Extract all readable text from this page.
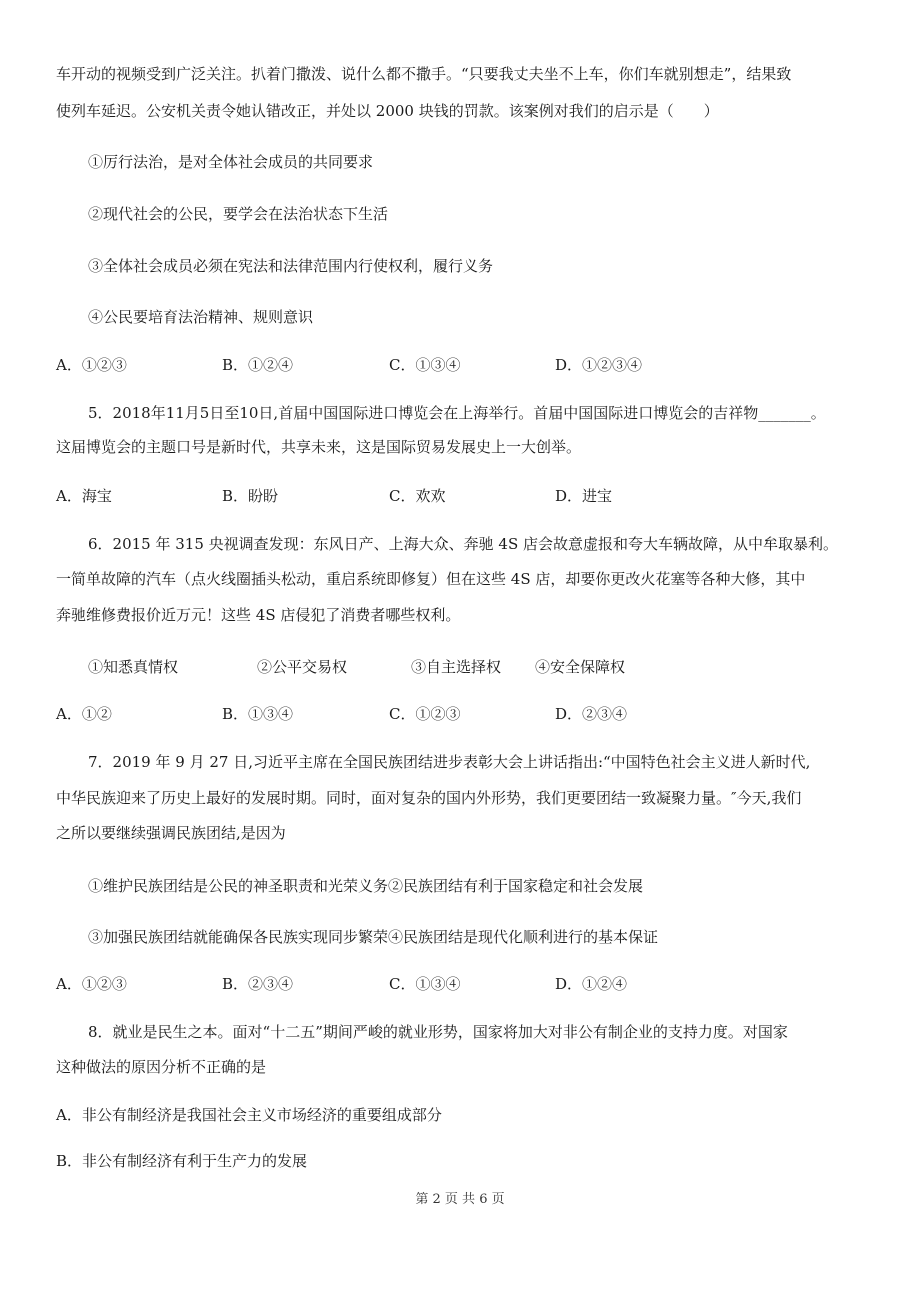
车开动的视频受到广泛关注。扒着门撒泼、说什么都不撒手。“只要我丈夫坐不上车，你们车就别想走”，结果致
使列车延迟。公安机关责令她认错改正，并处以 2000 块钱的罚款。该案例对我们的启示是（　　）
①厉行法治，是对全体社会成员的共同要求
②现代社会的公民，要学会在法治状态下生活
③全体社会成员必须在宪法和法律范围内行使权利，履行义务
④公民要培育法治精神、规则意识
A．①②③	B．①②④	C．①③④	D．①②③④
5．2018年11月5日至10日,首届中国国际进口博览会在上海举行。首届中国国际进口博览会的吉祥物_______。
这届博览会的主题口号是新时代，共享未来，这是国际贸易发展史上一大创举。
A．海宝	B．盼盼	C．欢欢	D．进宝
6．2015 年 315 央视调查发现：东风日产、上海大众、奔驰 4S 店会故意虚报和夸大车辆故障，从中牟取暴利。
一简单故障的汽车（点火线圈插头松动，重启系统即修复）但在这些 4S 店，却要你更改火花塞等各种大修，其中
奔驰维修费报价近万元！这些 4S 店侵犯了消费者哪些权利。
①知悉真情权	②公平交易权	③自主选择权 ④安全保障权
A．①②	B．①③④	C．①②③	D．②③④
7．2019 年 9 月 27 日,习近平主席在全国民族团结进步表彰大会上讲话指出:“中国特色社会主义进人新时代,
中华民族迎来了历史上最好的发展时期。同时，面对复杂的国内外形势，我们更要团结一致凝聚力量。″今天,我们
之所以要继续强调民族团结,是因为
①维护民族团结是公民的神圣职责和光荣义务②民族团结有利于国家稳定和社会发展
③加强民族团结就能确保各民族实现同步繁荣④民族团结是现代化顺利进行的基本保证
A．①②③	B．②③④	C．①③④	D．①②④
8．就业是民生之本。面对“十二五”期间严峻的就业形势，国家将加大对非公有制企业的支持力度。对国家
这种做法的原因分析不正确的是
A．非公有制经济是我国社会主义市场经济的重要组成部分
B．非公有制经济有利于生产力的发展
第 2 页 共 6 页
